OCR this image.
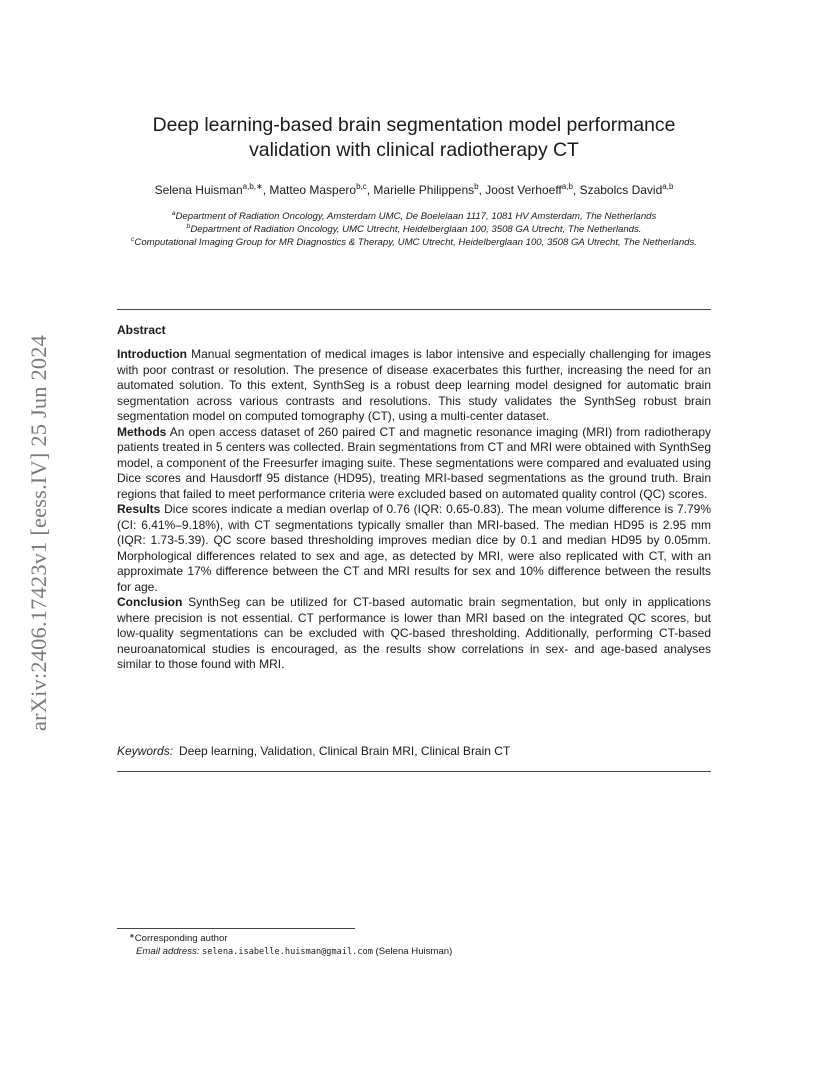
arXiv:2406.17423v1 [eess.IV] 25 Jun 2024
Deep learning-based brain segmentation model performance
validation with clinical radiotherapy CT
Selena Huisman$^{a,b,∗}$, Matteo Maspero$^{b,c}$, Marielle Philippens$^b$, Joost Verhoeff$^{a,b}$, Szabolcs David$^{a,b}$
$^a$Department of Radiation Oncology, Amsterdam UMC, De Boelelaan 1117, 1081 HV Amsterdam, The Netherlands
$^b$Department of Radiation Oncology, UMC Utrecht, Heidelberglaan 100, 3508 GA Utrecht, The Netherlands.
$^c$Computational Imaging Group for MR Diagnostics & Therapy, UMC Utrecht, Heidelberglaan 100, 3508 GA Utrecht, The Netherlands.
Abstract

Introduction Manual segmentation of medical images is labor intensive and especially challenging for images with poor contrast or resolution. The presence of disease exacerbates this further, increasing the need for an automated solution. To this extent, SynthSeg is a robust deep learning model designed for automatic brain segmentation across various contrasts and resolutions. This study validates the SynthSeg robust brain segmentation model on computed tomography (CT), using a multi-center dataset.

Methods An open access dataset of 260 paired CT and magnetic resonance imaging (MRI) from radiotherapy patients treated in 5 centers was collected. Brain segmentations from CT and MRI were obtained with SynthSeg model, a component of the Freesurfer imaging suite. These segmentations were compared and evaluated using Dice scores and Hausdorff 95 distance (HD95), treating MRI-based segmentations as the ground truth. Brain regions that failed to meet performance criteria were excluded based on automated quality control (QC) scores.

Results Dice scores indicate a median overlap of 0.76 (IQR: 0.65-0.83). The mean volume difference is 7.79% (CI: 6.41%–9.18%), with CT segmentations typically smaller than MRI-based. The median HD95 is 2.95 mm (IQR: 1.73-5.39). QC score based thresholding improves median dice by 0.1 and median HD95 by 0.05mm. Morphological differences related to sex and age, as detected by MRI, were also replicated with CT, with an approximate 17% difference between the CT and MRI results for sex and 10% difference between the results for age.

Conclusion SynthSeg can be utilized for CT-based automatic brain segmentation, but only in applications where precision is not essential. CT performance is lower than MRI based on the integrated QC scores, but low-quality segmentations can be excluded with QC-based thresholding. Additionally, performing CT-based neuroanatomical studies is encouraged, as the results show correlations in sex- and age-based analyses similar to those found with MRI.

Keywords: Deep learning, Validation, Clinical Brain MRI, Clinical Brain CT
∗Corresponding author
Email address: selena.isabelle.huisman@gmail.com (Selena Huisman)
